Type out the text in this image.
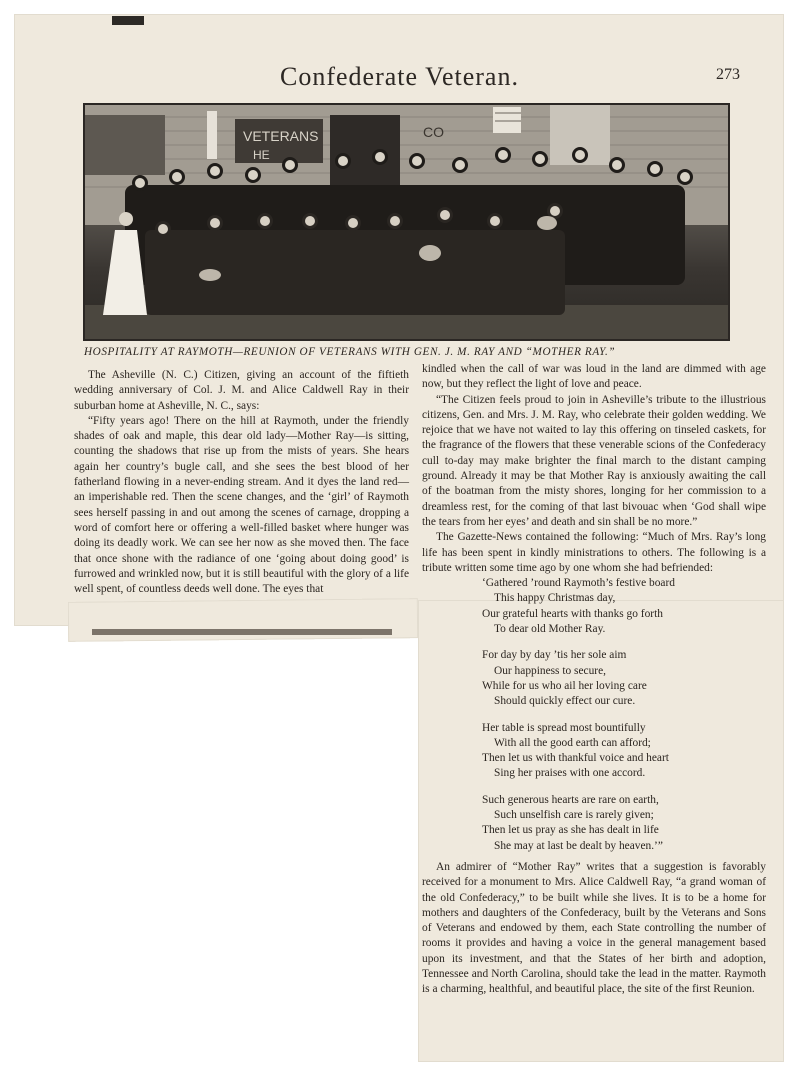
Confederate Veteran.	273
VETERANS
HE
CO
HOSPITALITY AT RAYMOTH—REUNION OF VETERANS WITH GEN. J. M. RAY AND “MOTHER RAY.”

The Asheville (N. C.) Citizen, giving an account of the fiftieth wedding anniversary of Col. J. M. and Alice Caldwell Ray in their suburban home at Asheville, N. C., says:

“Fifty years ago! There on the hill at Raymoth, under the friendly shades of oak and maple, this dear old lady—Mother Ray—is sitting, counting the shadows that rise up from the mists of years. She hears again her country’s bugle call, and she sees the best blood of her fatherland flowing in a never-ending stream. And it dyes the land red—an imperishable red. Then the scene changes, and the ‘girl’ of Raymoth sees herself passing in and out among the scenes of carnage, dropping a word of comfort here or offering a well-filled basket where hunger was doing its deadly work. We can see her now as she moved then. The face that once shone with the radiance of one ‘going about doing good’ is furrowed and wrinkled now, but it is still beautiful with the glory of a life well spent, of countless deeds well done. The eyes that

kindled when the call of war was loud in the land are dimmed with age now, but they reflect the light of love and peace.

“The Citizen feels proud to join in Asheville’s tribute to the illustrious citizens, Gen. and Mrs. J. M. Ray, who celebrate their golden wedding. We rejoice that we have not waited to lay this offering on tinseled caskets, for the fragrance of the flowers that these venerable scions of the Confederacy cull to-day may make brighter the final march to the distant camping ground. Already it may be that Mother Ray is anxiously awaiting the call of the boatman from the misty shores, longing for her commission to a dreamless rest, for the coming of that last bivouac when ‘God shall wipe the tears from her eyes’ and death and sin shall be no more.”

The Gazette-News contained the following: “Much of Mrs. Ray’s long life has been spent in kindly ministrations to others. The following is a tribute written some time ago by one whom she had befriended:

‘Gathered ’round Raymoth’s festive board
This happy Christmas day,
Our grateful hearts with thanks go forth
To dear old Mother Ray.
For day by day ’tis her sole aim
Our happiness to secure,
While for us who ail her loving care
Should quickly effect our cure.
Her table is spread most bountifully
With all the good earth can afford;
Then let us with thankful voice and heart
Sing her praises with one accord.
Such generous hearts are rare on earth,
Such unselfish care is rarely given;
Then let us pray as she has dealt in life
She may at last be dealt by heaven.’”

An admirer of “Mother Ray” writes that a suggestion is favorably received for a monument to Mrs. Alice Caldwell Ray, “a grand woman of the old Confederacy,” to be built while she lives. It is to be a home for mothers and daughters of the Confederacy, built by the Veterans and Sons of Veterans and endowed by them, each State controlling the number of rooms it provides and having a voice in the general management based upon its investment, and that the States of her birth and adoption, Tennessee and North Carolina, should take the lead in the matter. Raymoth is a charming, healthful, and beautiful place, the site of the first Reunion.
